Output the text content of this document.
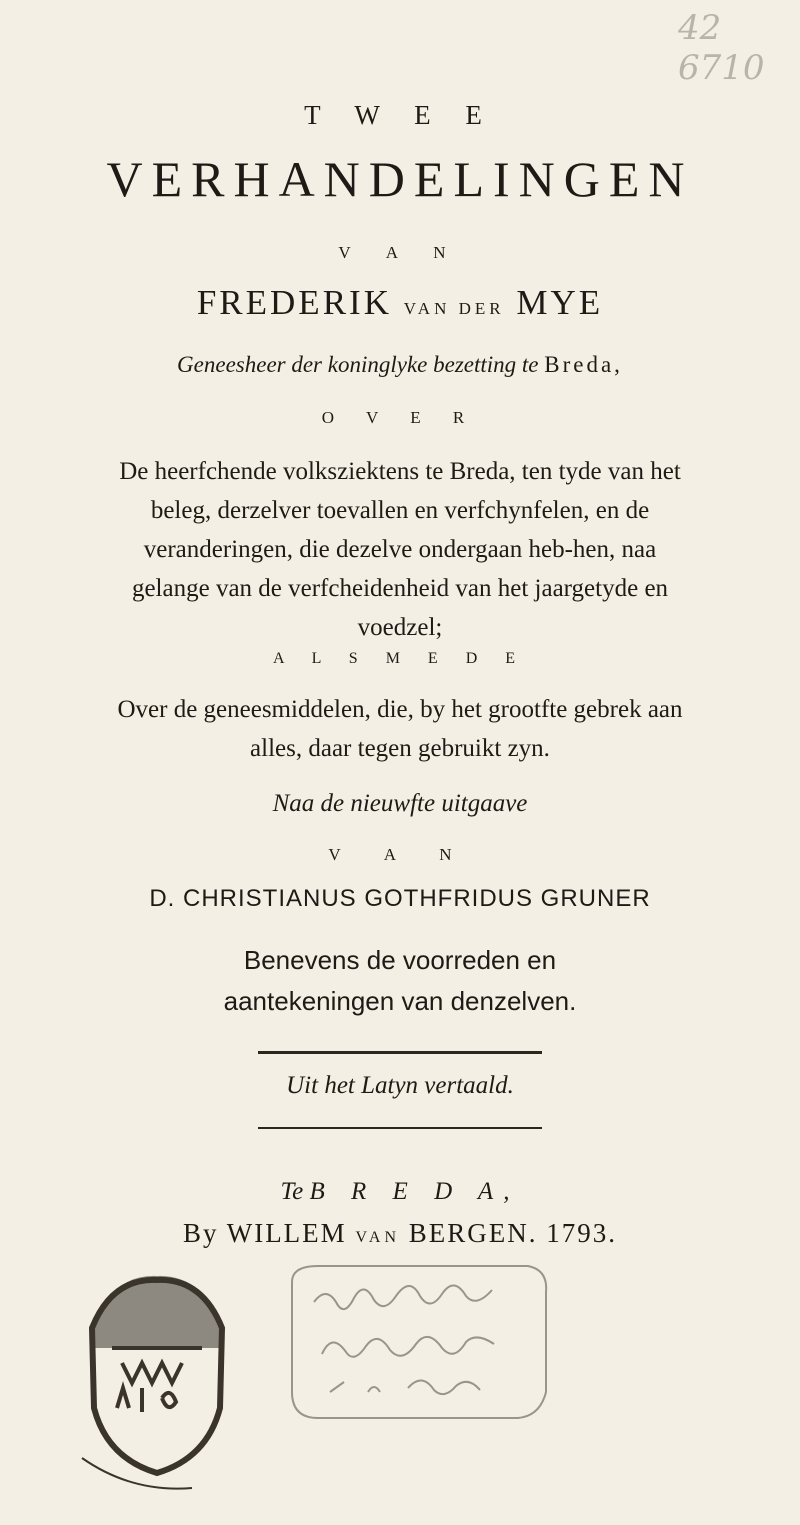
42 6710
T W E E
VERHANDELINGEN
V A N
FREDERIK VAN DER MYE
Geneesheer der koninglyke bezetting te Breda,
O V E R
De heerfchende volksziektens te Breda, ten tyde van het beleg, derzelver toevallen en verfchynfelen, en de veranderingen, die dezelve ondergaan heb-hen, naa gelange van de verfcheidenheid van het jaargetyde en voedzel;
A L S M E D E
Over de geneesmiddelen, die, by het grootfte gebrek aan alles, daar tegen gebruikt zyn.
Naa de nieuwfte uitgaave
V A N
D. CHRISTIANUS GOTHFRIDUS GRUNER
Benevens de voorreden en aantekeningen van denzelven.
Uit het Latyn vertaald.
Te B R E D A,
By WILLEM VAN BERGEN. 1793.
